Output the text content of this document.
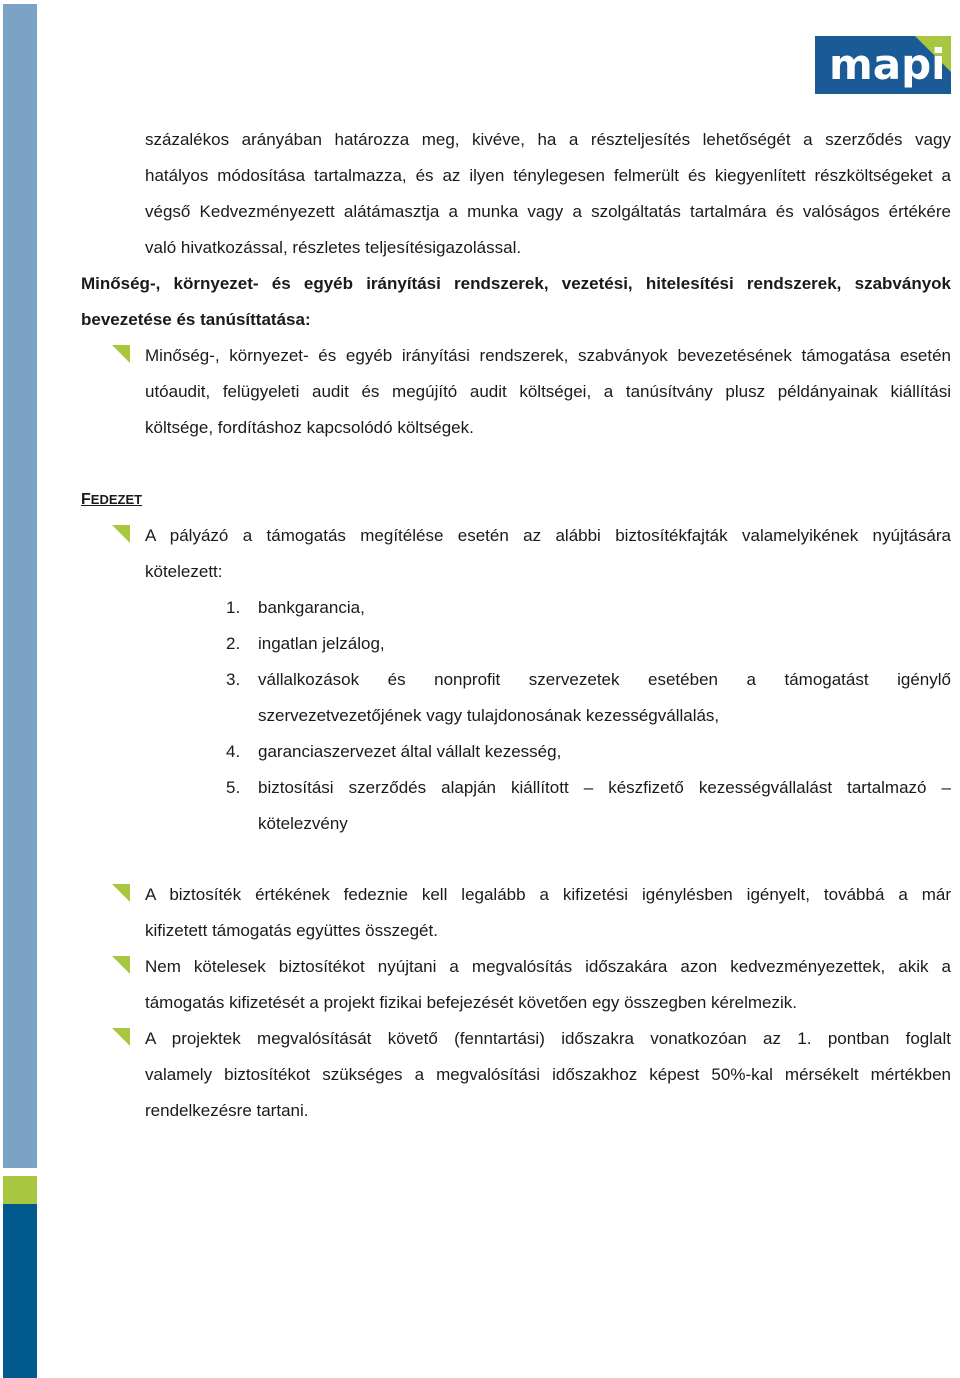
mapi
százalékos arányában határozza meg, kivéve, ha a részteljesítés lehetőségét a szerződés vagy
hatályos módosítása tartalmazza, és az ilyen ténylegesen felmerült és kiegyenlített részköltségeket a
végső Kedvezményezett alátámasztja a munka vagy a szolgáltatás tartalmára és valóságos értékére
való hivatkozással, részletes teljesítésigazolással.
Minőség-, környezet- és egyéb irányítási rendszerek, vezetési, hitelesítési rendszerek, szabványok
bevezetése és tanúsíttatása:
Minőség-, környezet- és egyéb irányítási rendszerek, szabványok bevezetésének támogatása esetén
utóaudit, felügyeleti audit és megújító audit költségei, a tanúsítvány plusz példányainak kiállítási
költsége, fordításhoz kapcsolódó költségek.
FEDEZET
A pályázó a támogatás megítélése esetén az alábbi biztosítékfajták valamelyikének nyújtására
kötelezett:
1.	bankgarancia,
2.	ingatlan jelzálog,
3.	vállalkozások és nonprofit szervezetek esetében a támogatást igénylő
szervezetvezetőjének vagy tulajdonosának kezességvállalás,
4.	garanciaszervezet által vállalt kezesség,
5.	biztosítási szerződés alapján kiállított – készfizető kezességvállalást tartalmazó –
kötelezvény
A biztosíték értékének fedeznie kell legalább a kifizetési igénylésben igényelt, továbbá a már
kifizetett támogatás együttes összegét.
Nem kötelesek biztosítékot nyújtani a megvalósítás időszakára azon kedvezményezettek, akik a
támogatás kifizetését a projekt fizikai befejezését követően egy összegben kérelmezik.
A projektek megvalósítását követő (fenntartási) időszakra vonatkozóan az 1. pontban foglalt
valamely biztosítékot szükséges a megvalósítási időszakhoz képest 50%-kal mérsékelt mértékben
rendelkezésre tartani.
